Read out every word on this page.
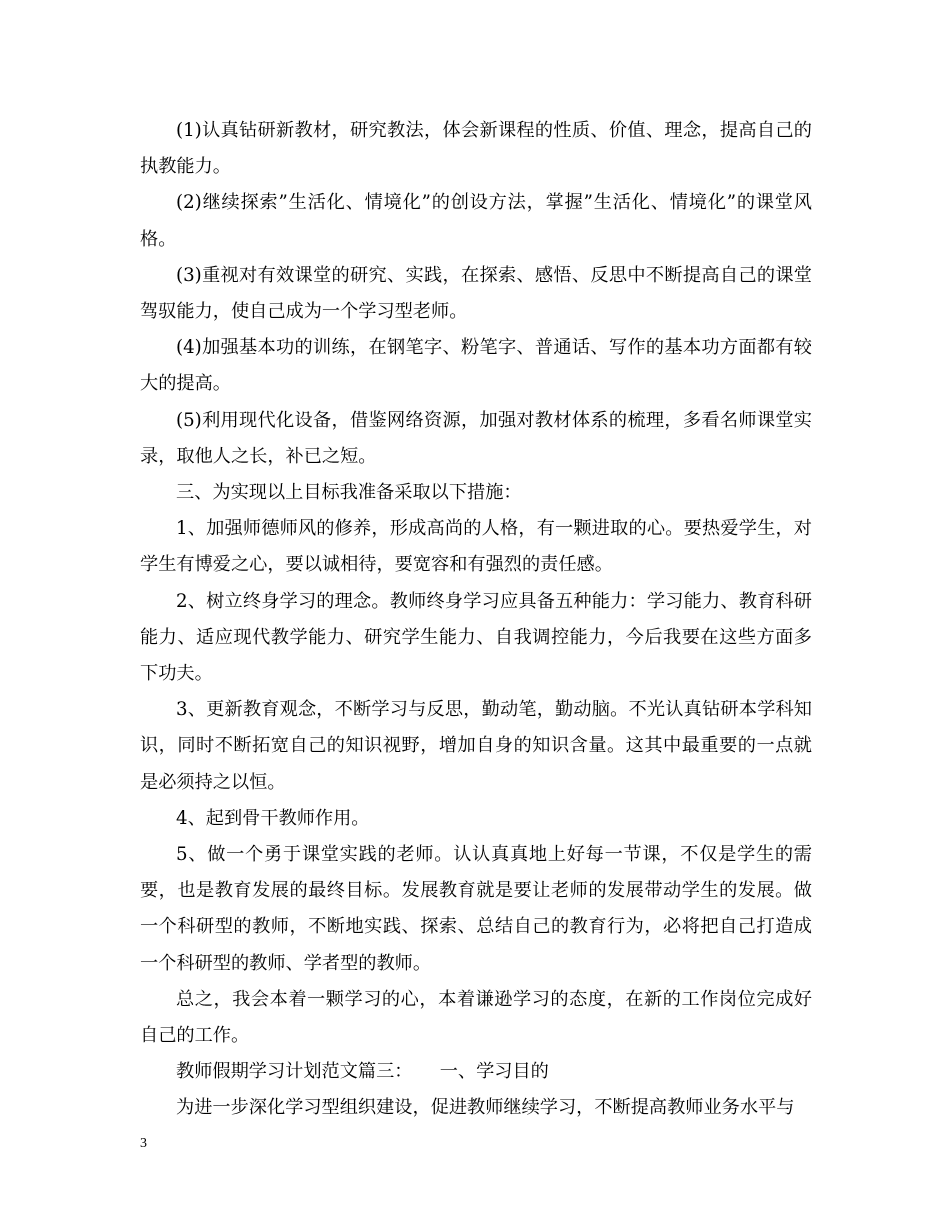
(1)认真钻研新教材，研究教法，体会新课程的性质、价值、理念，提高自己的执教能力。

(2)继续探索”生活化、情境化”的创设方法，掌握”生活化、情境化”的课堂风格。

(3)重视对有效课堂的研究、实践，在探索、感悟、反思中不断提高自己的课堂驾驭能力，使自己成为一个学习型老师。

(4)加强基本功的训练，在钢笔字、粉笔字、普通话、写作的基本功方面都有较大的提高。

(5)利用现代化设备，借鉴网络资源，加强对教材体系的梳理，多看名师课堂实录，取他人之长，补已之短。

三、为实现以上目标我准备采取以下措施：

1、加强师德师风的修养，形成高尚的人格，有一颗进取的心。要热爱学生，对学生有博爱之心，要以诚相待，要宽容和有强烈的责任感。

2、树立终身学习的理念。教师终身学习应具备五种能力：学习能力、教育科研能力、适应现代教学能力、研究学生能力、自我调控能力，今后我要在这些方面多下功夫。

3、更新教育观念，不断学习与反思，勤动笔，勤动脑。不光认真钻研本学科知识，同时不断拓宽自己的知识视野，增加自身的知识含量。这其中最重要的一点就是必须持之以恒。

4、起到骨干教师作用。

5、做一个勇于课堂实践的老师。认认真真地上好每一节课，不仅是学生的需要，也是教育发展的最终目标。发展教育就是要让老师的发展带动学生的发展。做一个科研型的教师，不断地实践、探索、总结自己的教育行为，必将把自己打造成一个科研型的教师、学者型的教师。

总之，我会本着一颗学习的心，本着谦逊学习的态度，在新的工作岗位完成好自己的工作。

教师假期学习计划范文篇三：　　一、学习目的

为进一步深化学习型组织建设，促进教师继续学习，不断提高教师业务水平与

3
